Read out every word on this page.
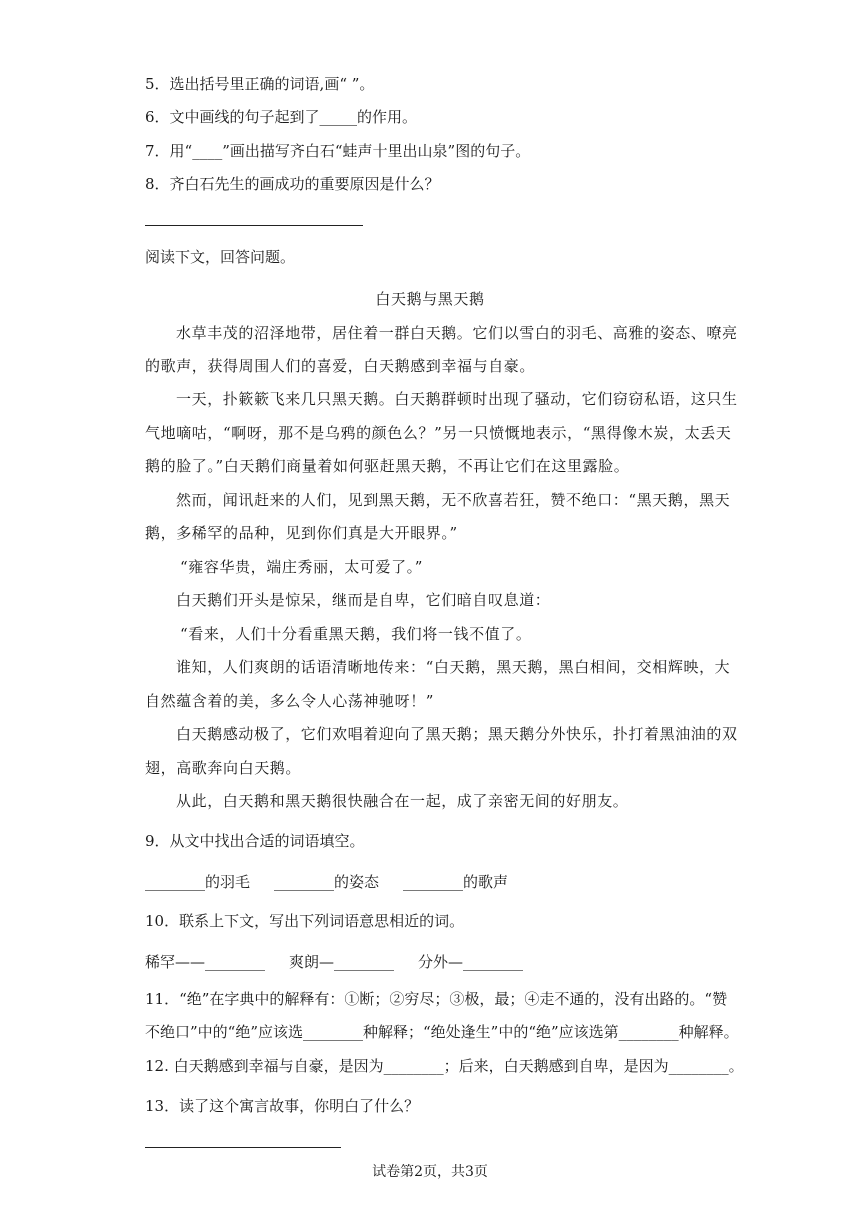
5．选出括号里正确的词语,画“ ”。
6．文中画线的句子起到了_____的作用。
7．用“____”画出描写齐白石“蛙声十里出山泉”图的句子。
8．齐白石先生的画成功的重要原因是什么？
阅读下文，回答问题。
白天鹅与黑天鹅
水草丰茂的沼泽地带，居住着一群白天鹅。它们以雪白的羽毛、高雅的姿态、嘹亮
的歌声，获得周围人们的喜爱，白天鹅感到幸福与自豪。
一天，扑簌簌飞来几只黑天鹅。白天鹅群顿时出现了骚动，它们窃窃私语，这只生
气地嘀咕，“啊呀，那不是乌鸦的颜色么？”另一只愤慨地表示，“黑得像木炭，太丢天
鹅的脸了。”白天鹅们商量着如何驱赶黑天鹅，不再让它们在这里露脸。
然而，闻讯赶来的人们，见到黑天鹅，无不欣喜若狂，赞不绝口：“黑天鹅，黑天
鹅，多稀罕的品种，见到你们真是大开眼界。”
“雍容华贵，端庄秀丽，太可爱了。”
白天鹅们开头是惊呆，继而是自卑，它们暗自叹息道：
“看来，人们十分看重黑天鹅，我们将一钱不值了。
谁知，人们爽朗的话语清晰地传来：“白天鹅，黑天鹅，黑白相间，交相辉映，大
自然蕴含着的美，多么令人心荡神驰呀！”
白天鹅感动极了，它们欢唱着迎向了黑天鹅；黑天鹅分外快乐，扑打着黑油油的双
翅，高歌奔向白天鹅。
从此，白天鹅和黑天鹅很快融合在一起，成了亲密无间的好朋友。
9．从文中找出合适的词语填空。
________的羽毛 ________的姿态 ________的歌声
10．联系上下文，写出下列词语意思相近的词。
稀罕——________ 爽朗—________ 分外—________
11．“绝”在字典中的解释有：①断；②穷尽；③极，最；④走不通的，没有出路的。“赞
不绝口”中的“绝”应该选________种解释；“绝处逢生”中的“绝”应该选第________种解释。
12. 白天鹅感到幸福与自豪，是因为________；后来，白天鹅感到自卑，是因为________。
13．读了这个寓言故事，你明白了什么？
试卷第2页，共3页
